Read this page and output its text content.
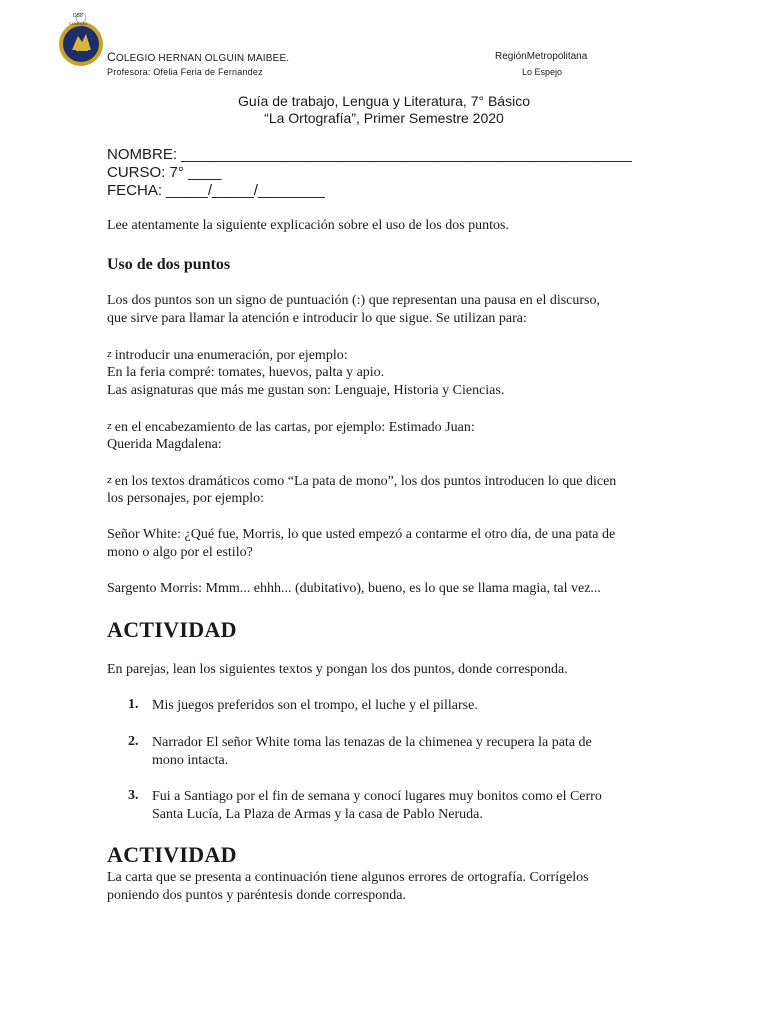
DS8
COLEGIO
COLEGIO HERNAN OLGUIN MAIBEE.
Profesora: Ofelia Feria de Fernandez
RegiónMetropolitana
Lo Espejo
Guía de trabajo, Lengua y Literatura, 7° Básico
“La Ortografía”, Primer Semestre 2020
NOMBRE: ______________________________________________________
CURSO: 7° ____
FECHA: _____/_____/________
Lee atentamente la siguiente explicación sobre el uso de los dos puntos.
Uso de dos puntos
Los dos puntos son un signo de puntuación (:) que representan una pausa en el discurso,
que sirve para llamar la atención e introducir lo que sigue. Se utilizan para:
z introducir una enumeración, por ejemplo:
En la feria compré: tomates, huevos, palta y apio.
Las asignaturas que más me gustan son: Lenguaje, Historia y Ciencias.
z en el encabezamiento de las cartas, por ejemplo: Estimado Juan:
Querida Magdalena:
z en los textos dramáticos como “La pata de mono”, los dos puntos introducen lo que dicen
los personajes, por ejemplo:
Señor White: ¿Qué fue, Morris, lo que usted empezó a contarme el otro día, de una pata de
mono o algo por el estilo?
Sargento Morris: Mmm... ehhh... (dubitativo), bueno, es lo que se llama magia, tal vez...
ACTIVIDAD
En parejas, lean los siguientes textos y pongan los dos puntos, donde corresponda.
1. Mis juegos preferidos son el trompo, el luche y el pillarse.
2. Narrador El señor White toma las tenazas de la chimenea y recupera la pata de
mono intacta.
3. Fui a Santiago por el fin de semana y conocí lugares muy bonitos como el Cerro
Santa Lucía, La Plaza de Armas y la casa de Pablo Neruda.
ACTIVIDAD
La carta que se presenta a continuación tiene algunos errores de ortografía. Corrígelos
poniendo dos puntos y paréntesis donde corresponda.
